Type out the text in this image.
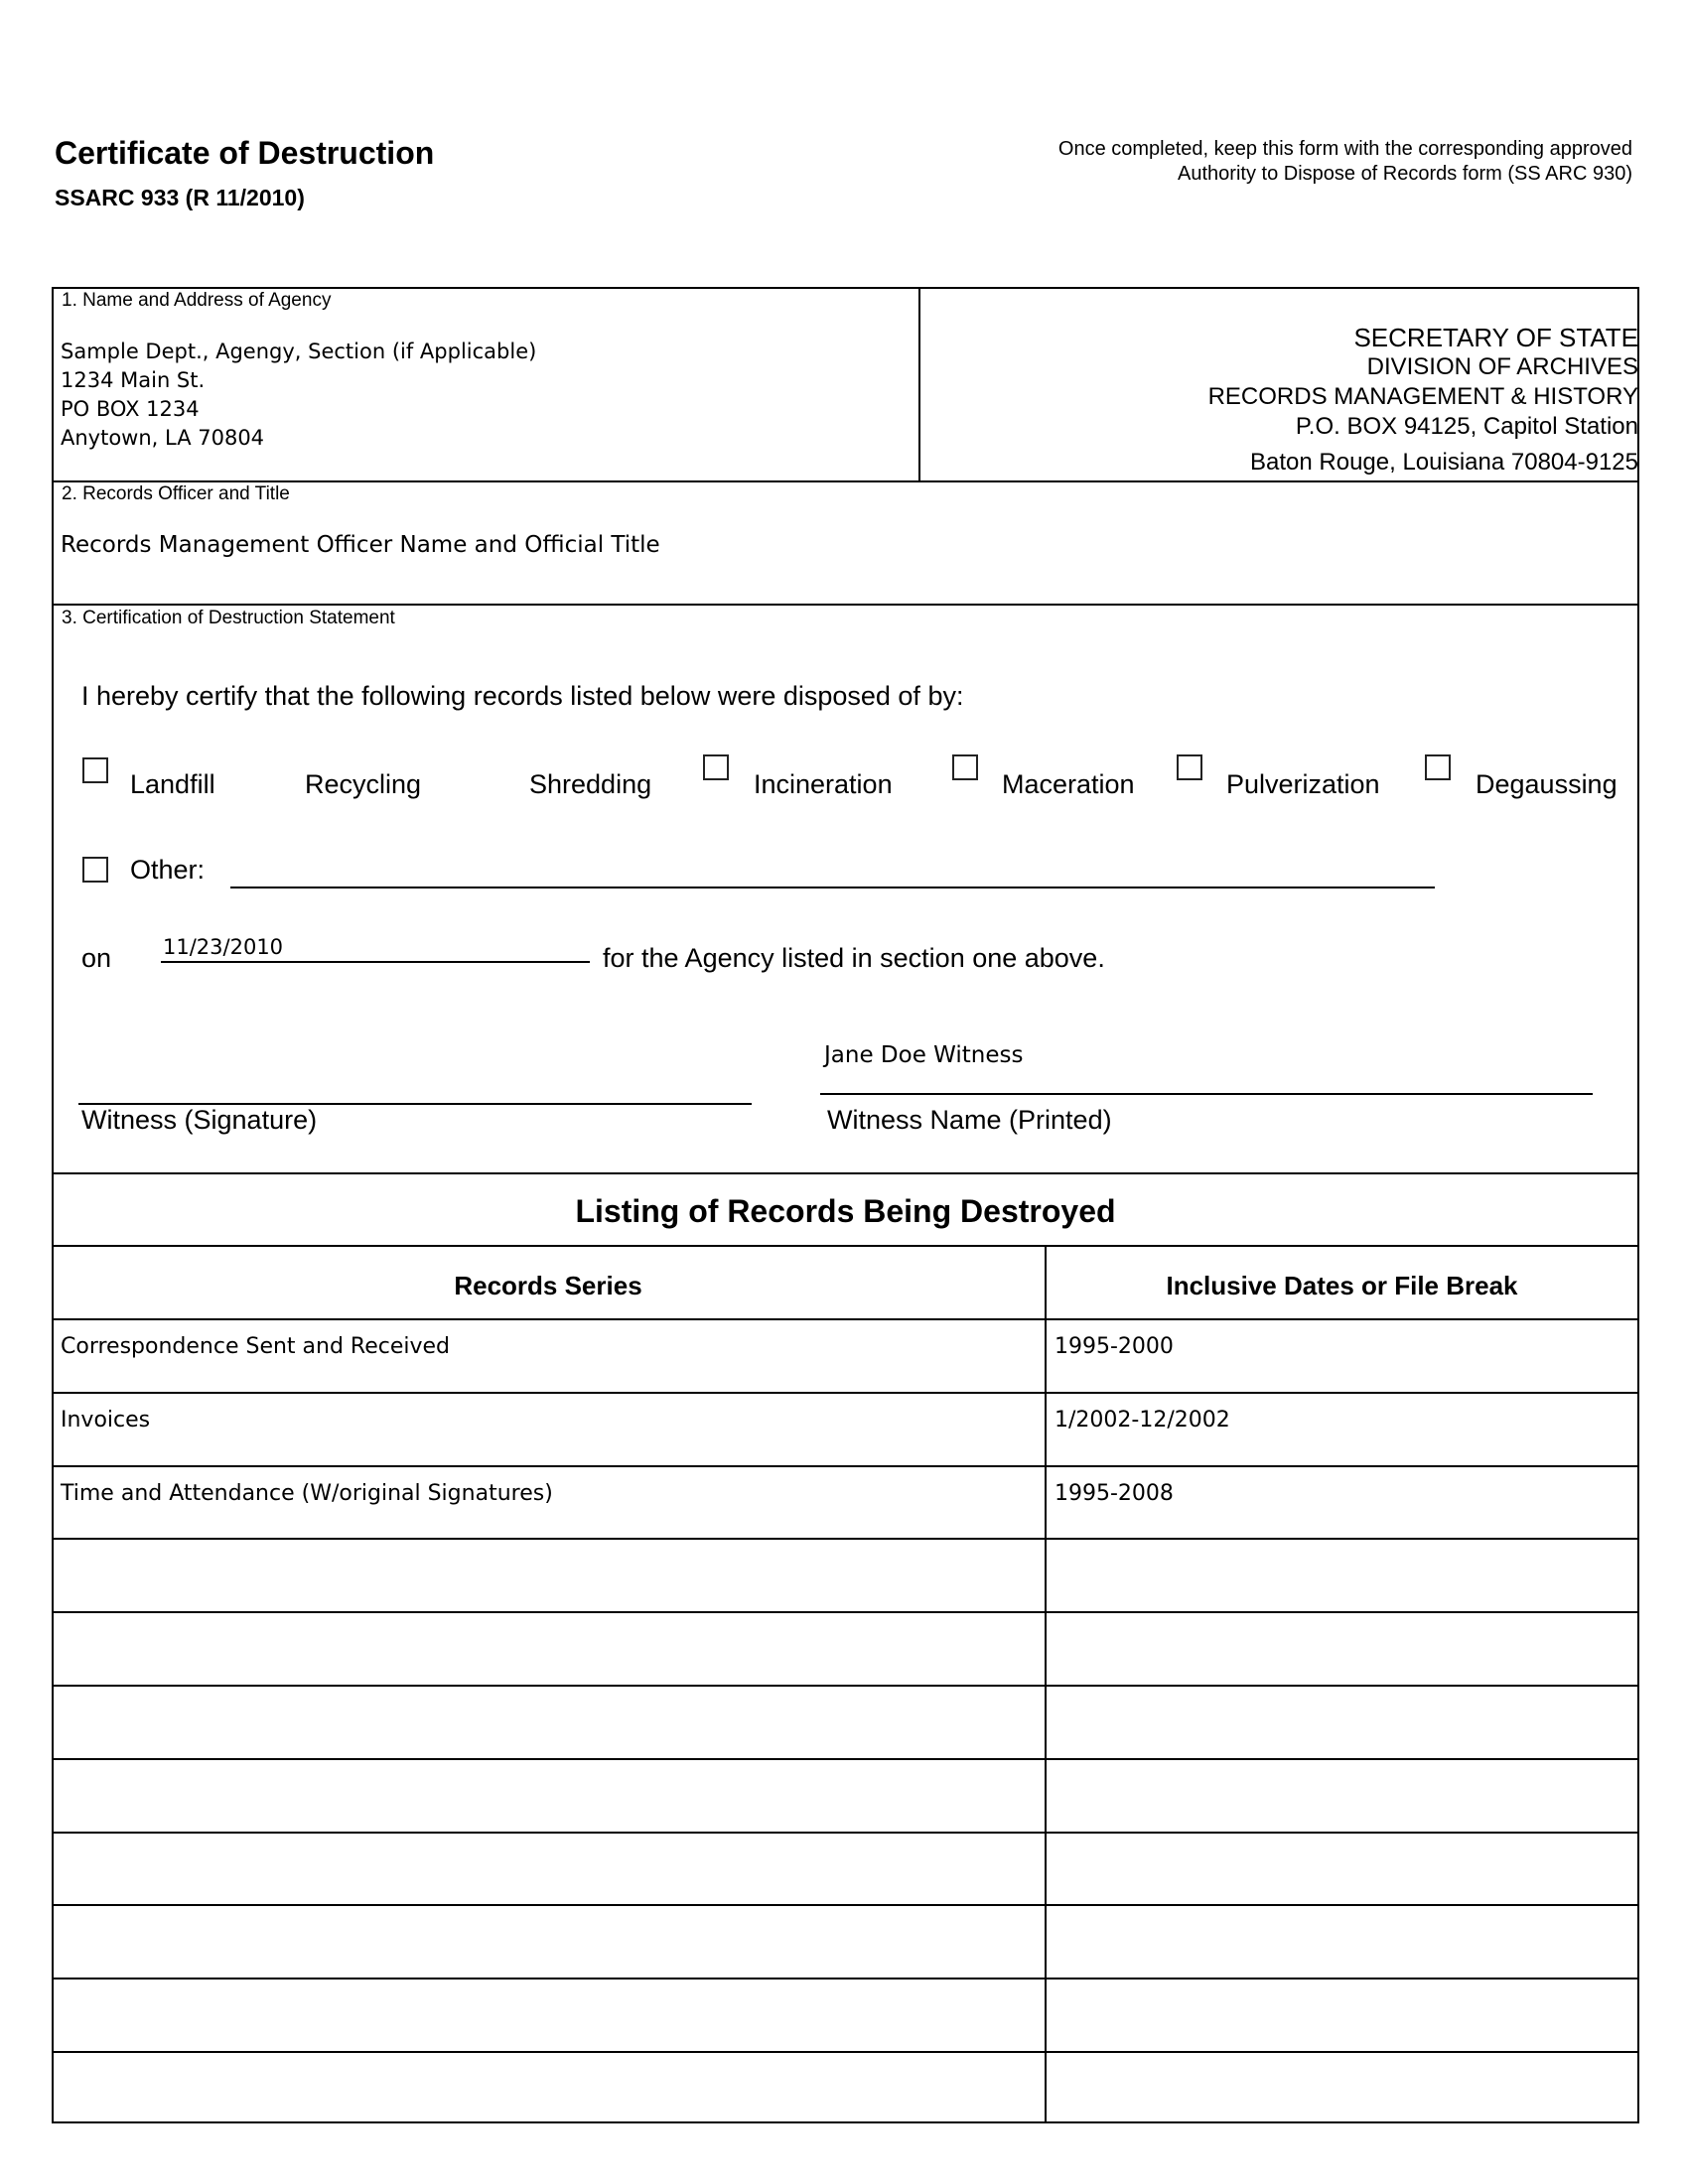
Certificate of Destruction
SSARC 933 (R 11/2010)
Once completed, keep this form with the corresponding approved
Authority to Dispose of Records form (SS ARC 930)
1. Name and Address of Agency
Sample Dept., Agengy, Section (if Applicable)
1234 Main St.
PO BOX 1234
Anytown, LA 70804
SECRETARY OF STATE
DIVISION OF ARCHIVES
RECORDS MANAGEMENT & HISTORY
P.O. BOX 94125, Capitol Station
Baton Rouge, Louisiana 70804-9125
2. Records Officer and Title
Records Management Officer Name and Official Title
3. Certification of Destruction Statement
I hereby certify that the following records listed below were disposed of by:
Landfill	Recycling	Shredding	Incineration	Maceration	Pulverization	Degaussing
Other:
on 11/23/2010	for the Agency listed in section one above.
Witness (Signature)
Jane Doe Witness
Witness Name (Printed)
Listing of Records Being Destroyed
Records Series	Inclusive Dates or File Break
Correspondence Sent and Received	1995-2000
Invoices	1/2002-12/2002
Time and Attendance (W/original Signatures)	1995-2008
